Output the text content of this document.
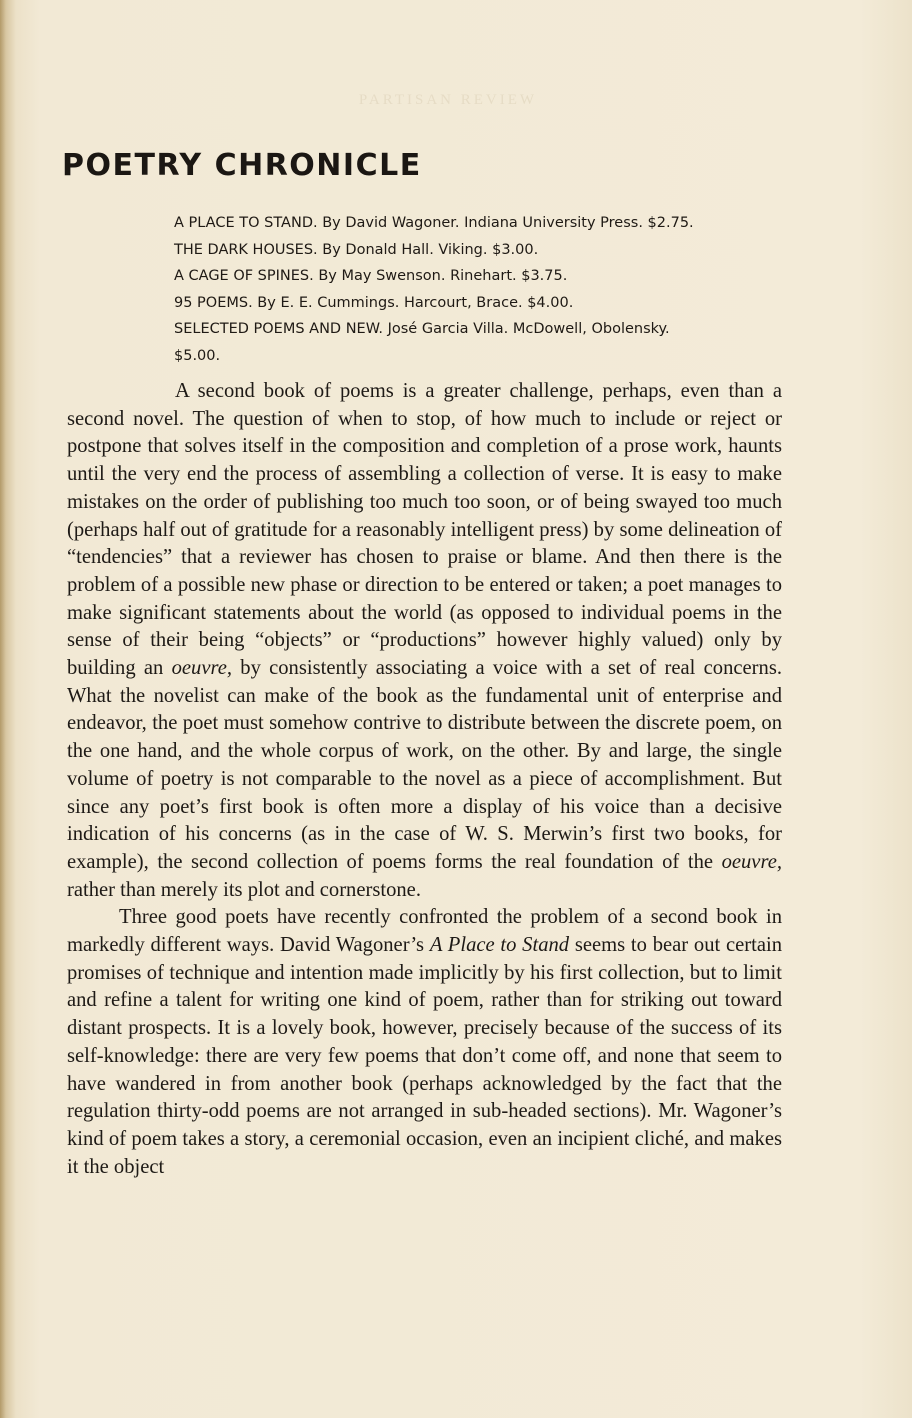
PARTISAN REVIEW
POETRY CHRONICLE
A PLACE TO STAND. By David Wagoner. Indiana University Press. $2.75.
THE DARK HOUSES. By Donald Hall. Viking. $3.00.
A CAGE OF SPINES. By May Swenson. Rinehart. $3.75.
95 POEMS. By E. E. Cummings. Harcourt, Brace. $4.00.
SELECTED POEMS AND NEW. José Garcia Villa. McDowell, Obolensky.
$5.00.

A second book of poems is a greater challenge, perhaps, even than a second novel. The question of when to stop, of how much to include or reject or postpone that solves itself in the composition and completion of a prose work, haunts until the very end the process of assembling a collection of verse. It is easy to make mistakes on the order of publishing too much too soon, or of being swayed too much (perhaps half out of gratitude for a reasonably intelligent press) by some delineation of “tendencies” that a reviewer has chosen to praise or blame. And then there is the problem of a possible new phase or direction to be entered or taken; a poet manages to make significant statements about the world (as opposed to individual poems in the sense of their being “objects” or “productions” however highly valued) only by building an oeuvre, by consistently associating a voice with a set of real concerns. What the novelist can make of the book as the fundamental unit of enterprise and endeavor, the poet must somehow contrive to distribute between the discrete poem, on the one hand, and the whole corpus of work, on the other. By and large, the single volume of poetry is not comparable to the novel as a piece of accomplishment. But since any poet’s first book is often more a display of his voice than a decisive indication of his concerns (as in the case of W. S. Merwin’s first two books, for example), the second collection of poems forms the real foundation of the oeuvre, rather than merely its plot and cornerstone.

Three good poets have recently confronted the problem of a second book in markedly different ways. David Wagoner’s A Place to Stand seems to bear out certain promises of technique and intention made implicitly by his first collection, but to limit and refine a talent for writing one kind of poem, rather than for striking out toward distant prospects. It is a lovely book, however, precisely because of the success of its self-knowledge: there are very few poems that don’t come off, and none that seem to have wandered in from another book (perhaps acknowledged by the fact that the regulation thirty-odd poems are not arranged in sub-headed sections). Mr. Wagoner’s kind of poem takes a story, a ceremonial occasion, even an incipient cliché, and makes it the object
